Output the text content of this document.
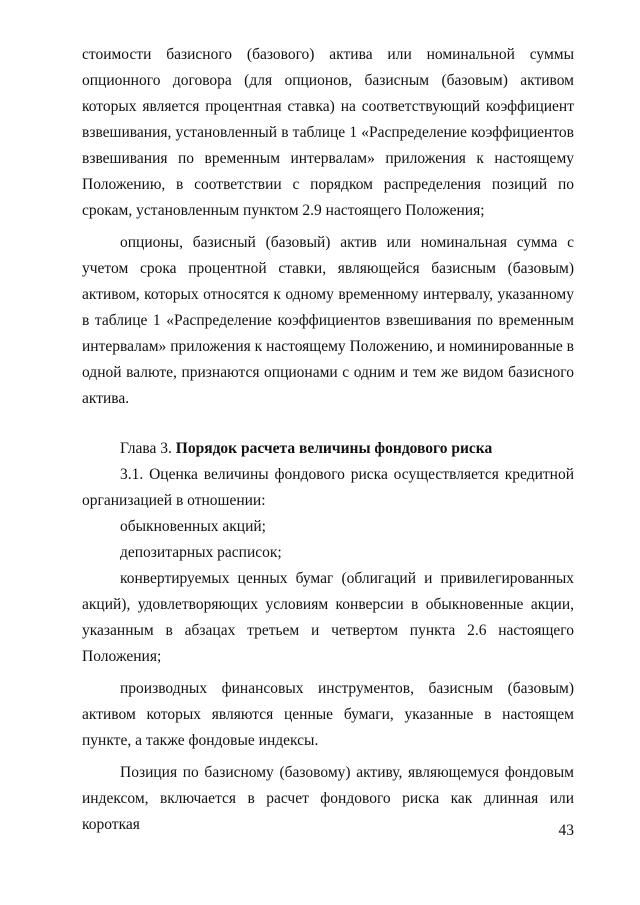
стоимости базисного (базового) актива или номинальной суммы опционного договора (для опционов, базисным (базовым) активом которых является процентная ставка) на соответствующий коэффициент взвешивания, установленный в таблице 1 «Распределение коэффициентов взвешивания по временным интервалам» приложения к настоящему Положению, в соответствии с порядком распределения позиций по срокам, установленным пунктом 2.9 настоящего Положения;

опционы, базисный (базовый) актив или номинальная сумма с учетом срока процентной ставки, являющейся базисным (базовым) активом, которых относятся к одному временному интервалу, указанному в таблице 1 «Распределение коэффициентов взвешивания по временным интервалам» приложения к настоящему Положению, и номинированные в одной валюте, признаются опционами с одним и тем же видом базисного актива.

Глава 3. Порядок расчета величины фондового риска

3.1. Оценка величины фондового риска осуществляется кредитной организацией в отношении:

обыкновенных акций;

депозитарных расписок;

конвертируемых ценных бумаг (облигаций и привилегированных акций), удовлетворяющих условиям конверсии в обыкновенные акции, указанным в абзацах третьем и четвертом пункта 2.6 настоящего Положения;

производных финансовых инструментов, базисным (базовым) активом которых являются ценные бумаги, указанные в настоящем пункте, а также фондовые индексы.

Позиция по базисному (базовому) активу, являющемуся фондовым индексом, включается в расчет фондового риска как длинная или короткая	43
